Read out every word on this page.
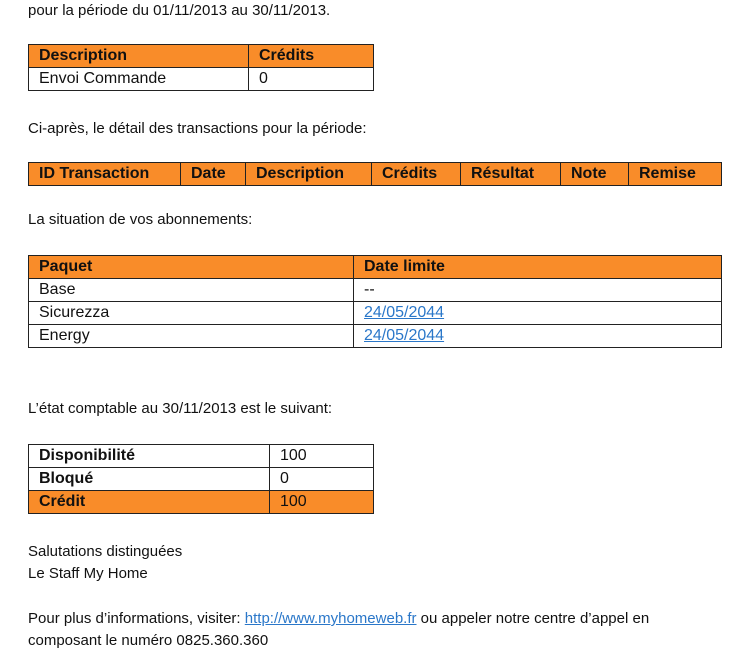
pour la période du 01/11/2013 au 30/11/2013.

Description	Crédits
Envoi Commande	0

Ci-après, le détail des transactions pour la période:

ID Transaction	Date	Description	Crédits	Résultat	Note	Remise

La situation de vos abonnements:

Paquet	Date limite
Base	--
Sicurezza	24/05/2044
Energy	24/05/2044

L’état comptable au 30/11/2013 est le suivant:

Disponibilité	100
Bloqué	0
Crédit	100

Salutations distinguées

Le Staff My Home

Pour plus d’informations, visiter: http://www.myhomeweb.fr ou appeler notre centre d’appel en

composant le numéro 0825.360.360
